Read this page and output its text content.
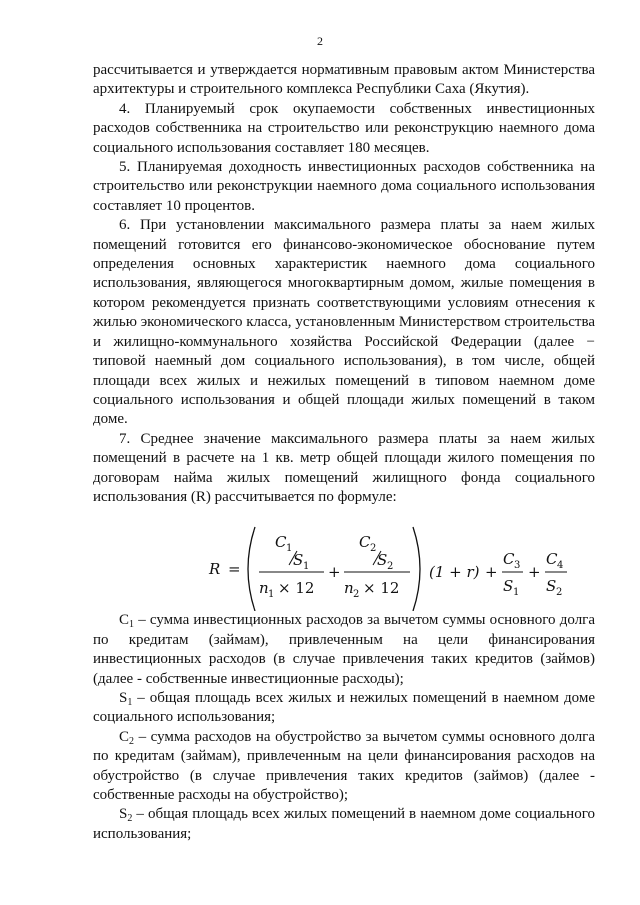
2

рассчитывается и утверждается нормативным правовым актом Министерства архитектуры и строительного комплекса Республики Саха (Якутия).

4. Планируемый срок окупаемости собственных инвестиционных расходов собственника на строительство или реконструкцию наемного дома социального использования составляет 180 месяцев.

5. Планируемая доходность инвестиционных расходов собственника на строительство или реконструкции наемного дома социального использования составляет 10 процентов.

6. При установлении максимального размера платы за наем жилых помещений готовится его финансово-экономическое обоснование путем определения основных характеристик наемного дома социального использования, являющегося многоквартирным домом, жилые помещения в котором рекомендуется признать соответствующими условиям отнесения к жилью экономического класса, установленным Министерством строительства и жилищно-коммунального хозяйства Российской Федерации (далее − типовой наемный дом социального использования), в том числе, общей площади всех жилых и нежилых помещений в типовом наемном доме социального использования и общей площади жилых помещений в таком доме.

7. Среднее значение максимального размера платы за наем жилых помещений в расчете на 1 кв. метр общей площади жилого помещения по договорам найма жилых помещений жилищного фонда социального использования (R) рассчитывается по формуле:

R =
C 1
S 1
n 1 × 12
+
C 2
S 2
n 2 × 12
(1 + r) +
C 3
S 1
+
C 4
S 2

$С_1$ – сумма инвестиционных расходов за вычетом суммы основного долга по кредитам (займам), привлеченным на цели финансирования инвестиционных расходов (в случае привлечения таких кредитов (займов) (далее - собственные инвестиционные расходы);

$S_1$ – общая площадь всех жилых и нежилых помещений в наемном доме социального использования;

$С_2$ – сумма расходов на обустройство за вычетом суммы основного долга по кредитам (займам), привлеченным на цели финансирования расходов на обустройство (в случае привлечения таких кредитов (займов) (далее - собственные расходы на обустройство);

$S_2$ – общая площадь всех жилых помещений в наемном доме социального использования;
